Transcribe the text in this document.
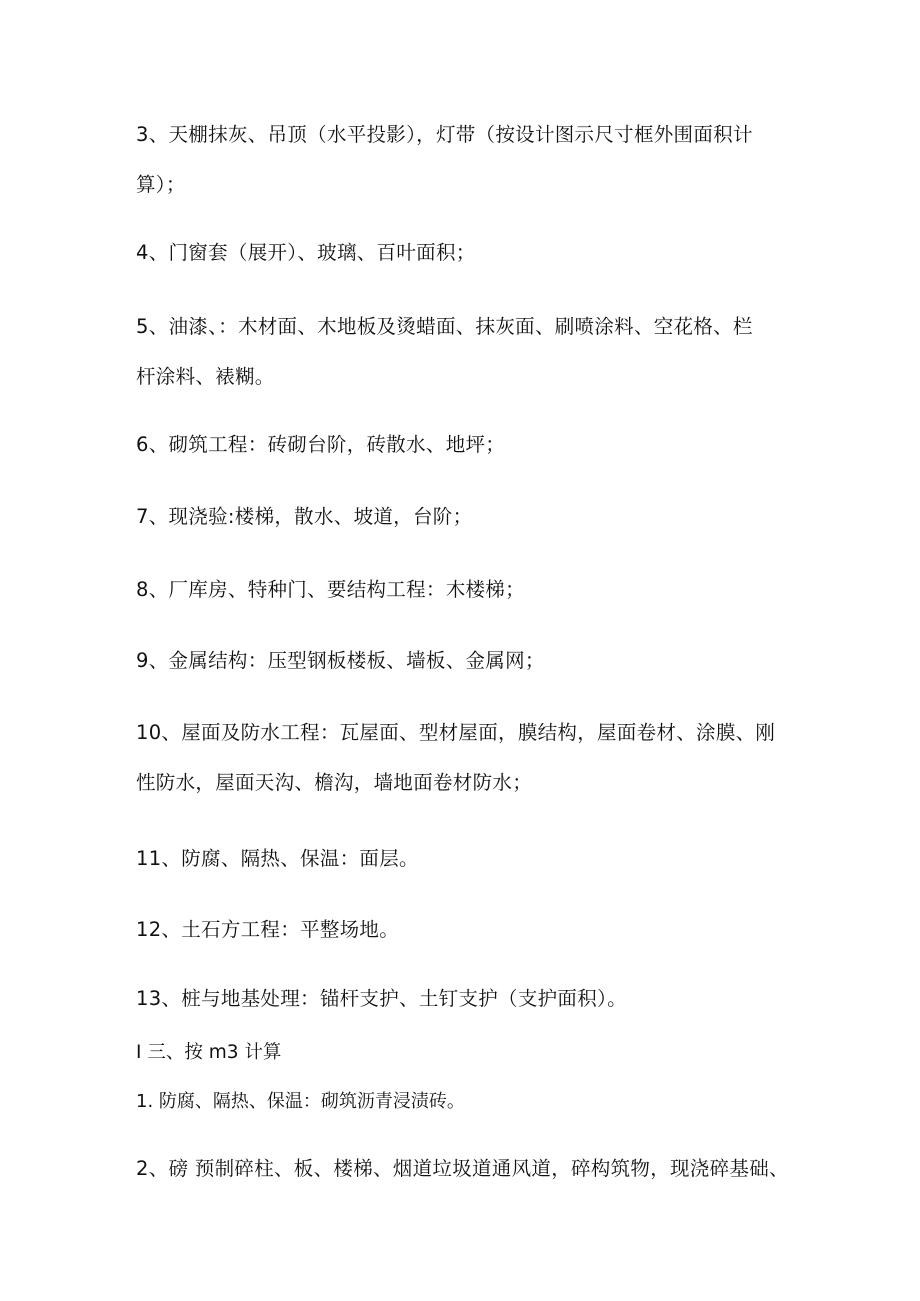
3、天棚抹灰、吊顶（水平投影），灯带（按设计图示尺寸框外围面积计
算）；
4、门窗套（展开）、玻璃、百叶面积；
5、油漆、：木材面、木地板及烫蜡面、抹灰面、刷喷涂料、空花格、栏
杆涂料、裱糊。
6、砌筑工程：砖砌台阶，砖散水、地坪；
7、现浇验:楼梯，散水、坡道，台阶；
8、厂库房、特种门、要结构工程：木楼梯；
9、金属结构：压型钢板楼板、墙板、金属网；
10、屋面及防水工程：瓦屋面、型材屋面，膜结构，屋面卷材、涂膜、刚
性防水，屋面天沟、檐沟，墙地面卷材防水；
11、防腐、隔热、保温：面层。
12、土石方工程：平整场地。
13、桩与地基处理：锚杆支护、土钉支护（支护面积）。
I 三、按 m3 计算
1. 防腐、隔热、保温：砌筑沥青浸渍砖。
2、磅 预制碎柱、板、楼梯、烟道垃圾道通风道，碎构筑物，现浇碎基础、
